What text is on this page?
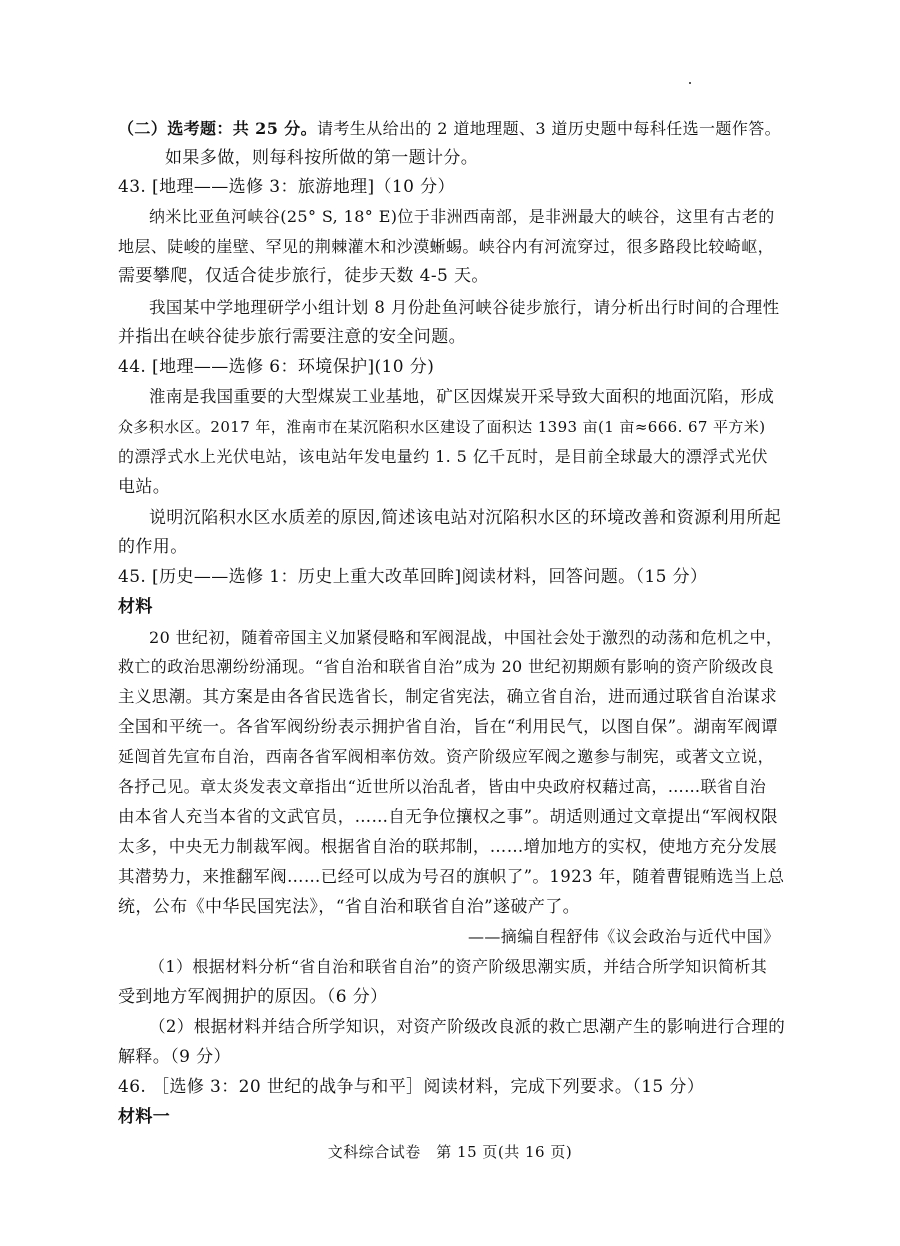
（二）选考题：共 25 分。请考生从给出的 2 道地理题、3 道历史题中每科任选一题作答。
如果多做，则每科按所做的第一题计分。
43. [地理——选修 3：旅游地理]（10 分）
纳米比亚鱼河峡谷(25° S, 18° E)位于非洲西南部，是非洲最大的峡谷，这里有古老的
地层、陡峻的崖壁、罕见的荆棘灌木和沙漠蜥蜴。峡谷内有河流穿过，很多路段比较崎岖，
需要攀爬，仅适合徒步旅行，徒步天数 4-5 天。
我国某中学地理研学小组计划 8 月份赴鱼河峡谷徒步旅行，请分析出行时间的合理性
并指出在峡谷徒步旅行需要注意的安全问题。
44. [地理——选修 6：环境保护](10 分)
淮南是我国重要的大型煤炭工业基地，矿区因煤炭开采导致大面积的地面沉陷，形成
众多积水区。2017 年，淮南市在某沉陷积水区建设了面积达 1393 亩(1 亩≈666. 67 平方米)
的漂浮式水上光伏电站，该电站年发电量约 1. 5 亿千瓦时，是目前全球最大的漂浮式光伏
电站。
说明沉陷积水区水质差的原因,简述该电站对沉陷积水区的环境改善和资源利用所起
的作用。
45. [历史——选修 1：历史上重大改革回眸]阅读材料，回答问题。（15 分）
材料
20 世纪初，随着帝国主义加紧侵略和军阀混战，中国社会处于激烈的动荡和危机之中，
救亡的政治思潮纷纷涌现。“省自治和联省自治”成为 20 世纪初期颇有影响的资产阶级改良
主义思潮。其方案是由各省民选省长，制定省宪法，确立省自治，进而通过联省自治谋求
全国和平统一。各省军阀纷纷表示拥护省自治，旨在“利用民气，以图自保”。湖南军阀谭
延闿首先宣布自治，西南各省军阀相率仿效。资产阶级应军阀之邀参与制宪，或著文立说，
各抒己见。章太炎发表文章指出“近世所以治乱者，皆由中央政府权藉过高，……联省自治
由本省人充当本省的文武官员，……自无争位攘权之事”。胡适则通过文章提出“军阀权限
太多，中央无力制裁军阀。根据省自治的联邦制，……增加地方的实权，使地方充分发展
其潜势力，来推翻军阀……已经可以成为号召的旗帜了”。1923 年，随着曹锟贿选当上总
统，公布《中华民国宪法》，“省自治和联省自治”遂破产了。
——摘编自程舒伟《议会政治与近代中国》
（1）根据材料分析“省自治和联省自治”的资产阶级思潮实质，并结合所学知识简析其
受到地方军阀拥护的原因。（6 分）
（2）根据材料并结合所学知识，对资产阶级改良派的救亡思潮产生的影响进行合理的
解释。（9 分）
46. ［选修 3：20 世纪的战争与和平］阅读材料，完成下列要求。（15 分）
材料一
文科综合试卷　第 15 页(共 16 页)
